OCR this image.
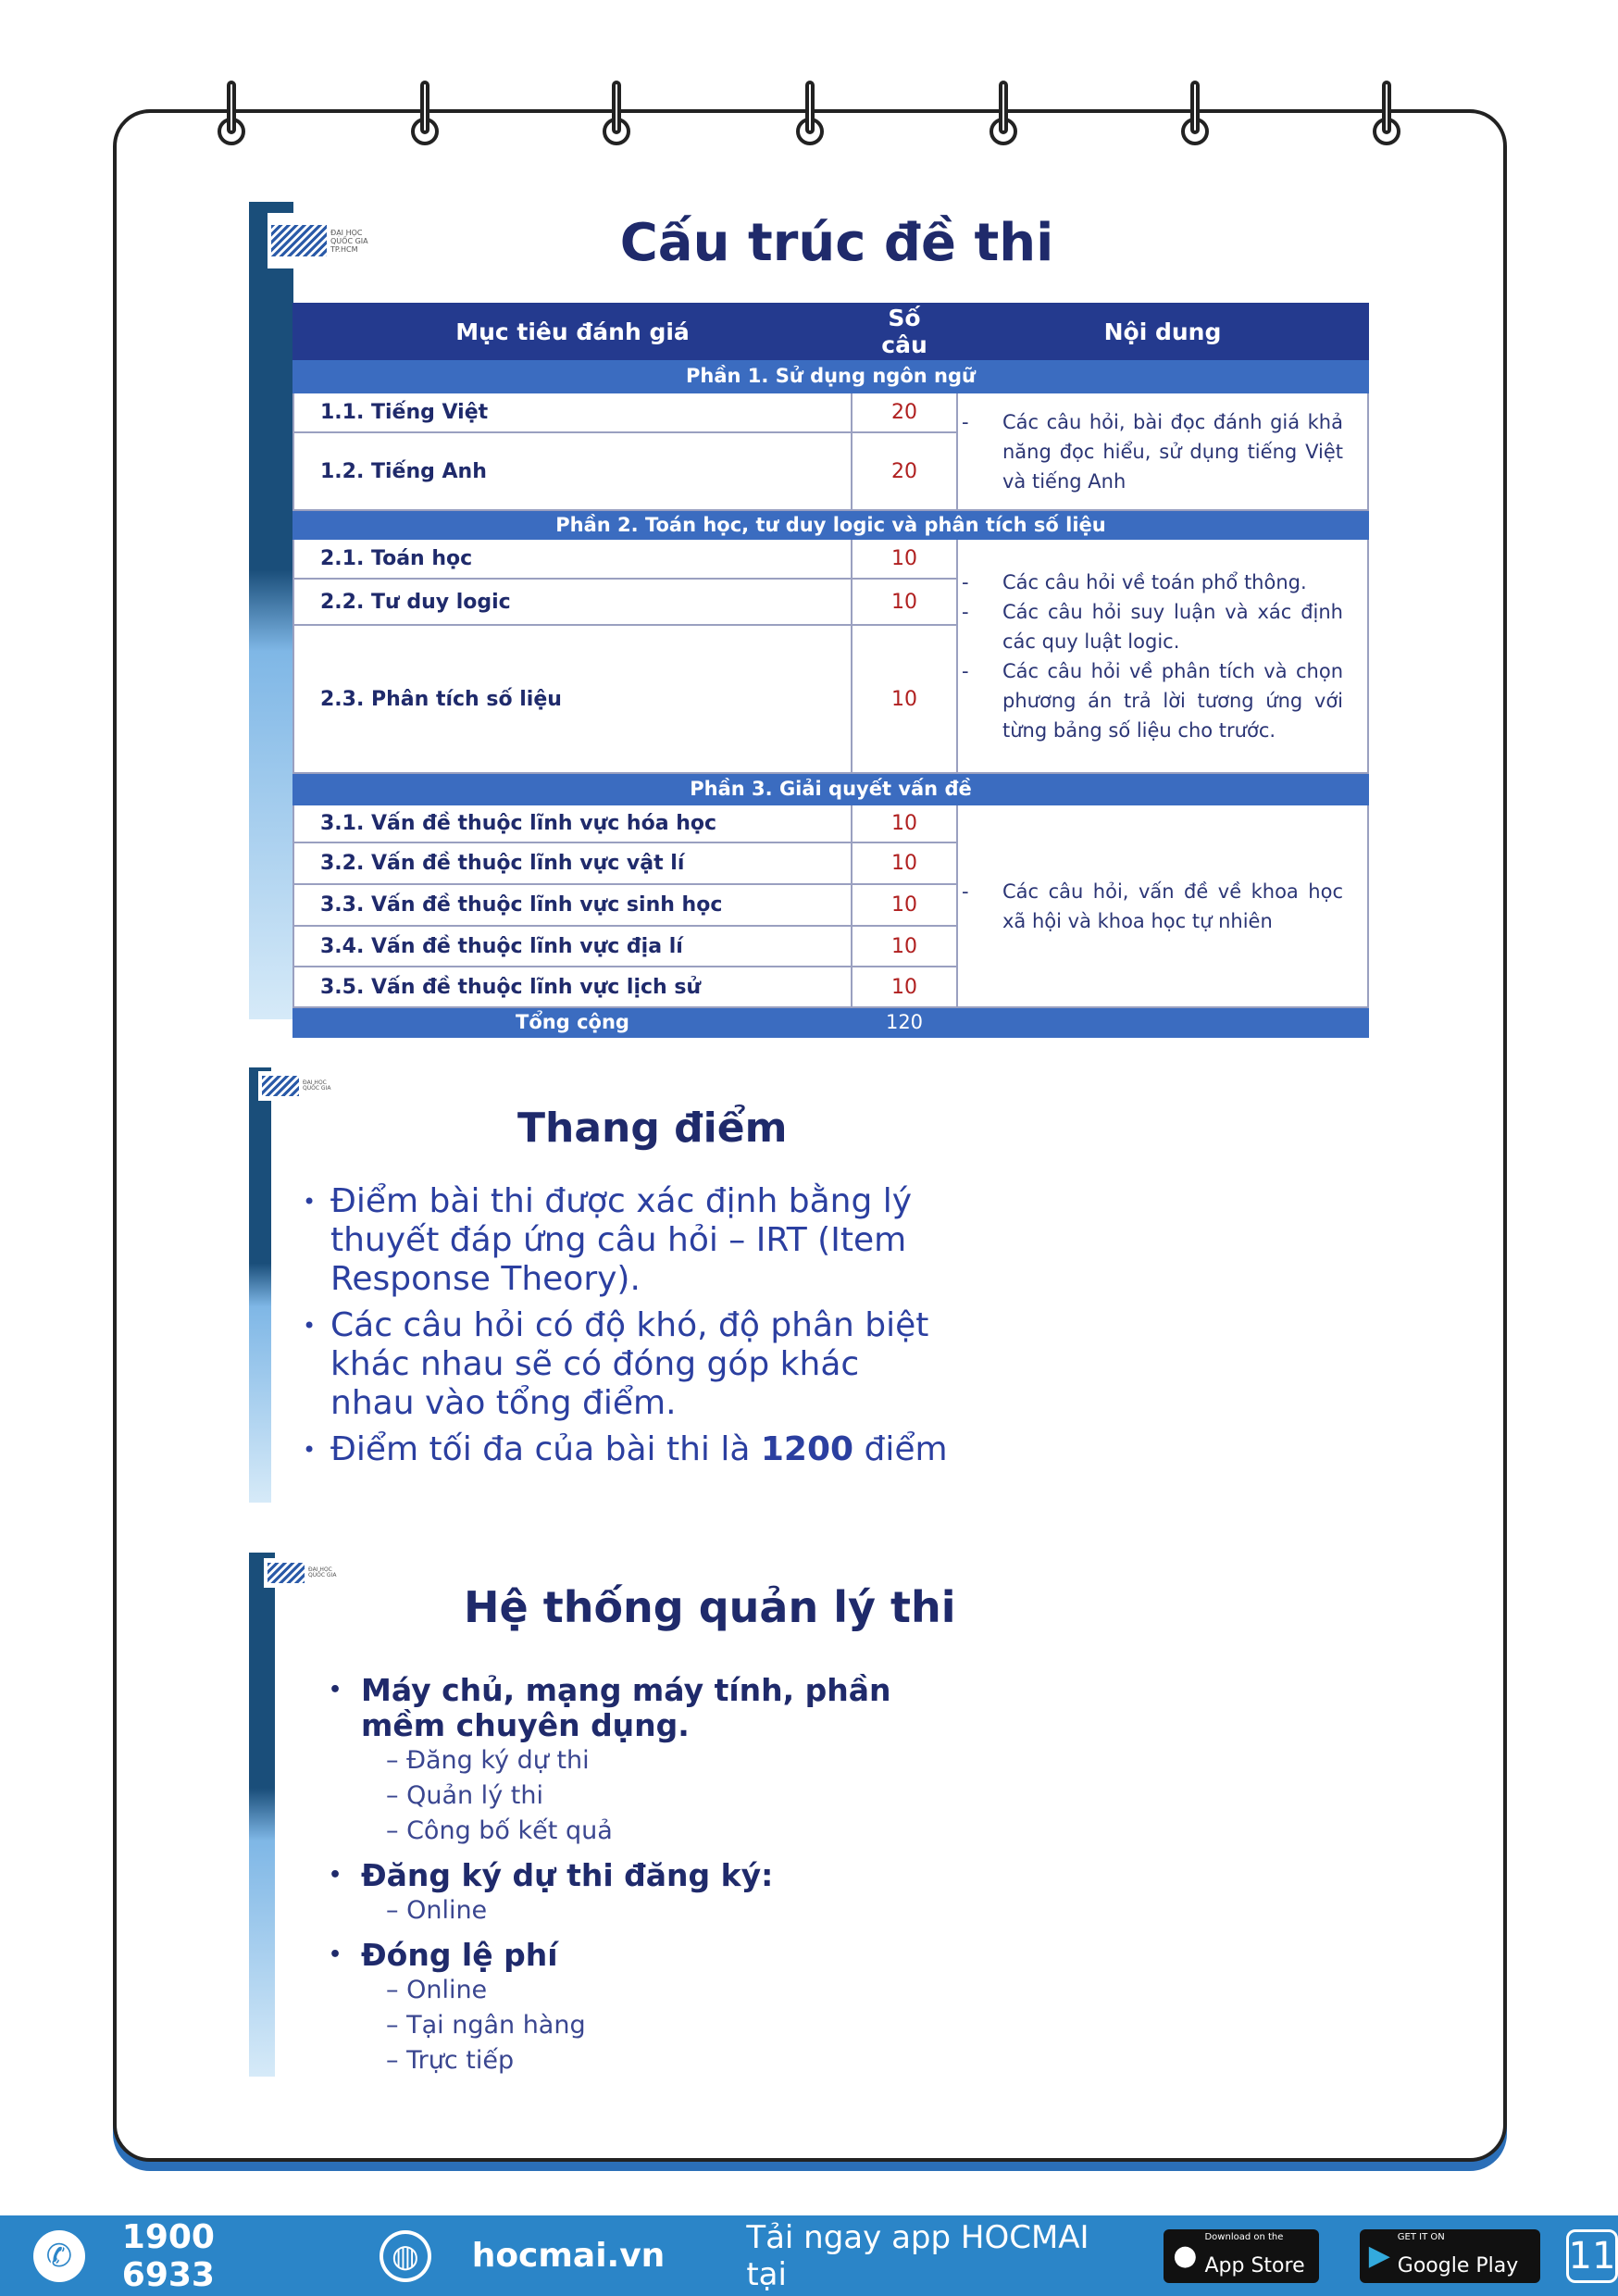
ĐẠI HỌC
QUỐC GIA
TP.HCM	Cấu trúc đề thi
Mục tiêu đánh giá	Số câu	Nội dung
Phần 1. Sử dụng ngôn ngữ		
1.1. Tiếng Việt	20	- Các câu hỏi, bài đọc đánh giá khả năng đọc hiểu, sử dụng tiếng Việt và tiếng Anh

1.2. Tiếng Anh	20	
Phần 2. Toán học, tư duy logic và phân tích số liệu		
2.1. Toán học	10	- Các câu hỏi về toán phổ thông.

- Các câu hỏi suy luận và xác định các quy luật logic.

- Các câu hỏi về phân tích và chọn phương án trả lời tương ứng với từng bảng số liệu cho trước.

2.2. Tư duy logic	10	
2.3. Phân tích số liệu	10	
Phần 3. Giải quyết vấn đề		
3.1. Vấn đề thuộc lĩnh vực hóa học	10	- Các câu hỏi, vấn đề về khoa học xã hội và khoa học tự nhiên

3.2. Vấn đề thuộc lĩnh vực vật lí	10	
3.3. Vấn đề thuộc lĩnh vực sinh học	10	
3.4. Vấn đề thuộc lĩnh vực địa lí	10	
3.5. Vấn đề thuộc lĩnh vực lịch sử	10	
Tổng cộng	120	
ĐẠI HỌC
QUỐC GIA
Thang điểm
• Điểm bài thi được xác định bằng lý thuyết đáp ứng câu hỏi – IRT (Item Response Theory).
• Các câu hỏi có độ khó, độ phân biệt khác nhau sẽ có đóng góp khác nhau vào tổng điểm.
• Điểm tối đa của bài thi là 1200 điểm
ĐẠI HỌC
QUỐC GIA
Hệ thống quản lý thi
• Máy chủ, mạng máy tính, phần mềm chuyên dụng.
– Đăng ký dự thi
– Quản lý thi
– Công bố kết quả
• Đăng ký dự thi đăng ký:
– Online
• Đóng lệ phí
– Online
– Tại ngân hàng
– Trực tiếp
✆	1900 6933	◍	hocmai.vn	Tải ngay app HOCMAI tại	●
Download on the
App Store ▶
GET IT ON
Google Play 11
